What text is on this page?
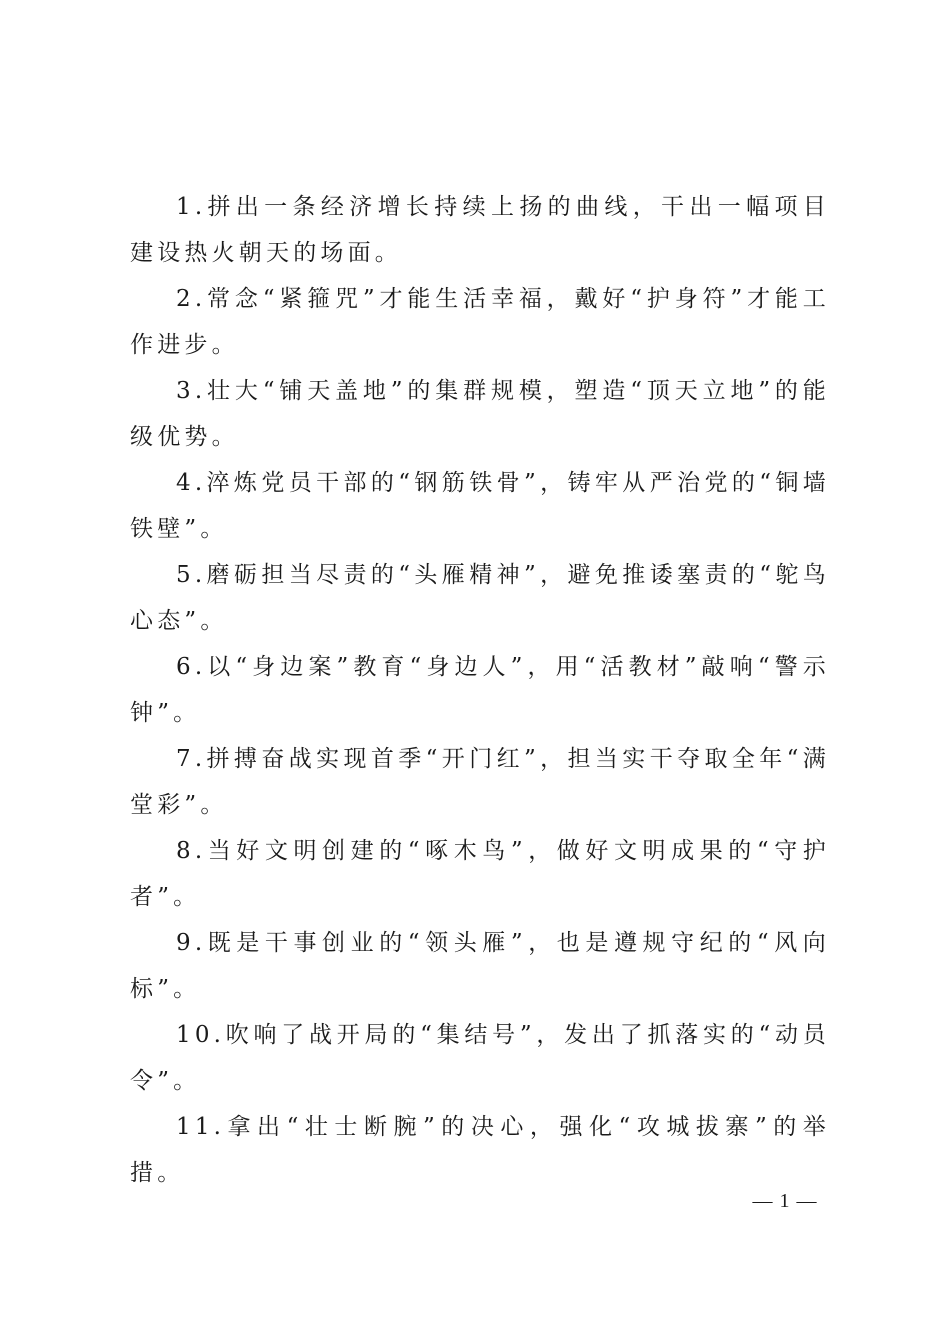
1.拼出一条经济增长持续上扬的曲线，干出一幅项目建设热火朝天的场面。

2.常念“紧箍咒”才能生活幸福，戴好“护身符”才能工作进步。

3.壮大“铺天盖地”的集群规模，塑造“顶天立地”的能级优势。

4.淬炼党员干部的“钢筋铁骨”，铸牢从严治党的“铜墙铁壁”。

5.磨砺担当尽责的“头雁精神”，避免推诿塞责的“鸵鸟心态”。

6.以“身边案”教育“身边人”，用“活教材”敲响“警示钟”。

7.拼搏奋战实现首季“开门红”，担当实干夺取全年“满堂彩”。

8.当好文明创建的“啄木鸟”，做好文明成果的“守护者”。

9.既是干事创业的“领头雁”，也是遵规守纪的“风向标”。

10.吹响了战开局的“集结号”，发出了抓落实的“动员令”。

11.拿出“壮士断腕”的决心，强化“攻城拔寨”的举措。

— 1 —
